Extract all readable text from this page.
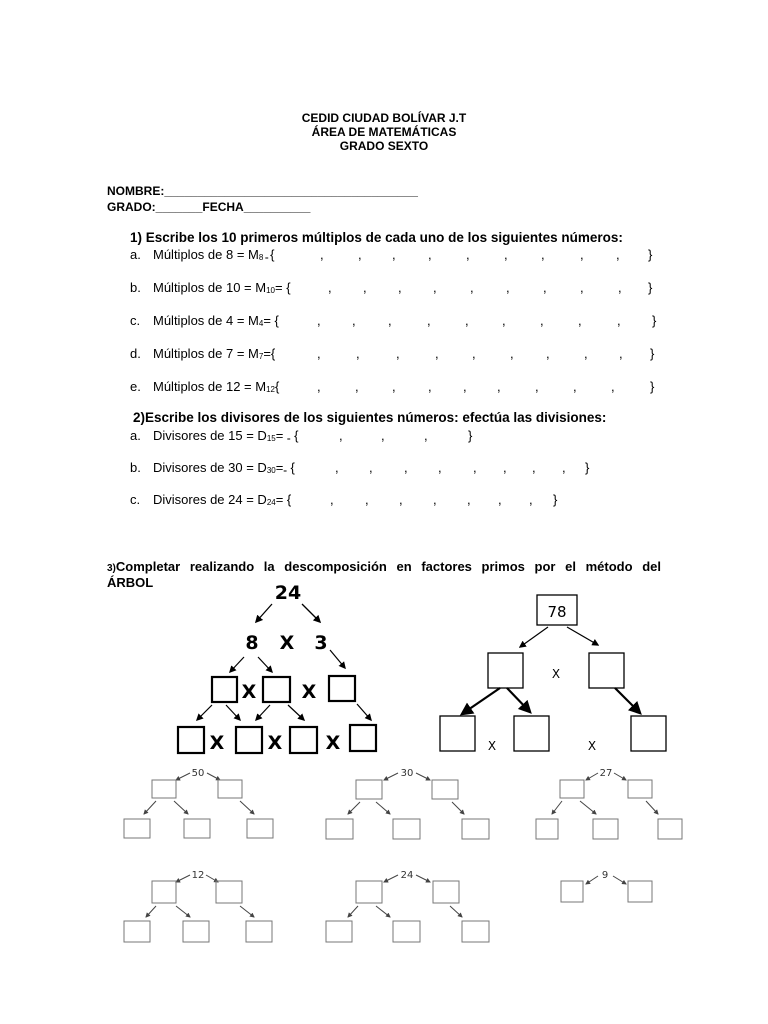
CEDID CIUDAD BOLÍVAR J.T
ÁREA DE MATEMÁTICAS
GRADO SEXTO
NOMBRE:______________________________________
GRADO:_______FECHA__________
1) Escribe los 10 primeros múltiplos de cada uno de los siguientes números:
a. Múltiplos de $8 = M_8$ = {	,	, , ,	,	,	,	, , }
b. Múltiplos de $10 = M_{10}=$ {	, , , ,	, ,	,	,	, }
c. Múltiplos de $4 = M_4=$ {	, , ,	,	,	,	,	,	, }
d. Múltiplos de $7 = M_7=${	,	,	,	,	,	, ,	, , }
e. Múltiplos de $12 = M_{12}${	,	,	, , , ,	,	,	,	}
2)Escribe los divisores de los siguientes números: efectúa las divisiones:
a. Divisores de $15 = D_{15}=$ = {	,	,	,	}
b. Divisores de $30 = D_{30}==$ {	, , , , , , , , }
c. Divisores de $24 = D_{24}=$ {	, , , , , , , }
3)Completar realizando la descomposición en factores primos por el método del
ÁRBOL	24
8 X 3
X X
X X X
78
X
X	X
50	30	27
12	24	9
